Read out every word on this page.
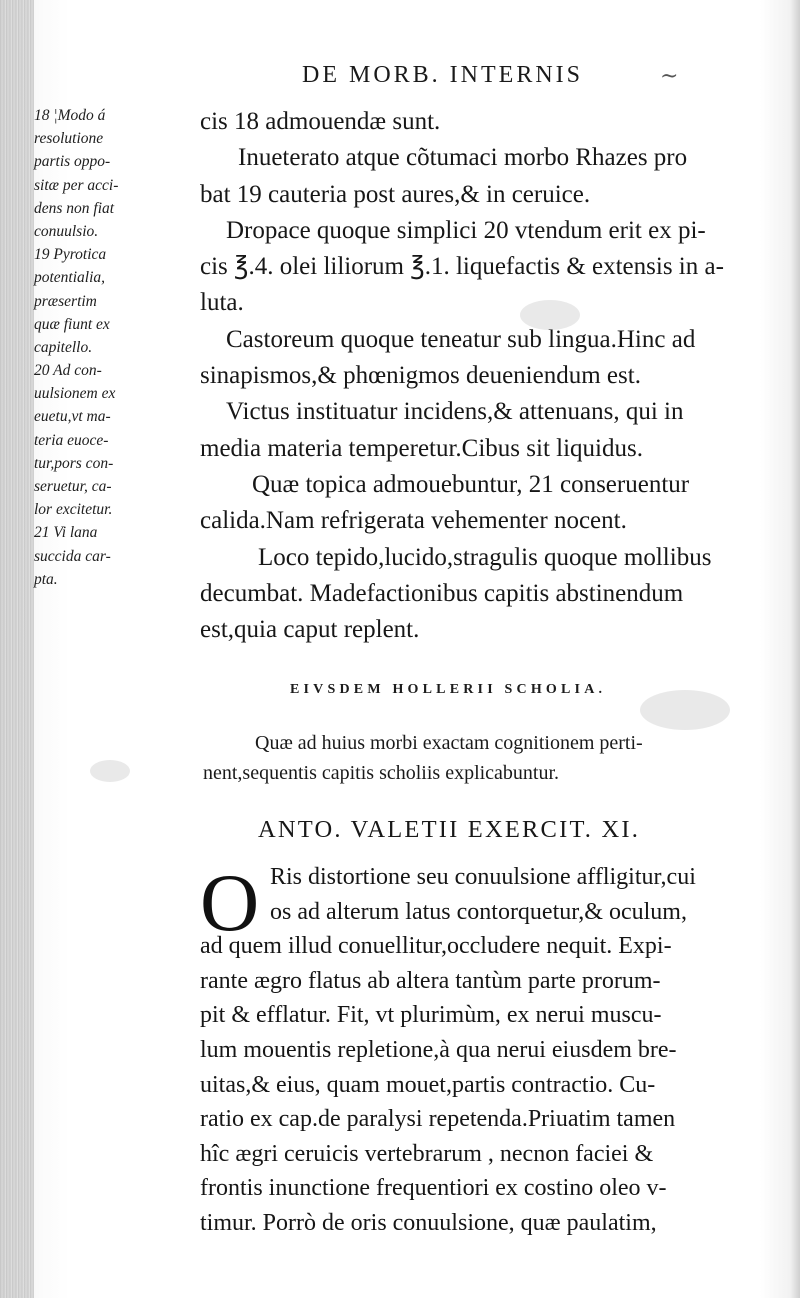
DE MORB. INTERNIS	~
18 ¦Modo á
resolutione
partis oppo-
sitæ per acci-
dens non fiat
conuulsio.
19 Pyrotica
potentialia,
præsertim
quæ fiunt ex
capitello.
20 Ad con-
uulsionem ex
euetu,vt ma-
teria euoce-
tur,pors con-
seruetur, ca-
lor excitetur.
21 Vi lana
succida car-
pta.
cis 18 admouendæ sunt.
Inueterato atque cõtumaci morbo Rhazes pro
bat 19 cauteria post aures,& in ceruice.
Dropace quoque simplici 20 vtendum erit ex pi-
cis ℥.4. olei liliorum ℥.1. liquefactis & extensis in a-
luta.
Castoreum quoque teneatur sub lingua.Hinc ad
sinapismos,& phœnigmos deueniendum est.
Victus instituatur incidens,& attenuans, qui in
media materia temperetur.Cibus sit liquidus.
Quæ topica admouebuntur, 21 conseruentur
calida.Nam refrigerata vehementer nocent.
Loco tepido,lucido,stragulis quoque mollibus
decumbat. Madefactionibus capitis abstinendum
est,quia caput replent.
EIVSDEM HOLLERII SCHOLIA.
Quæ ad huius morbi exactam cognitionem perti-
nent,sequentis capitis scholiis explicabuntur.
ANTO. VALETII EXERCIT. XI.
O Ris distortione seu conuulsione affligitur,cui
os ad alterum latus contorquetur,& oculum,
ad quem illud conuellitur,occludere nequit. Expi-
rante ægro flatus ab altera tantùm parte prorum-
pit & efflatur. Fit, vt plurimùm, ex nerui muscu-
lum mouentis repletione,à qua nerui eiusdem bre-
uitas,& eius, quam mouet,partis contractio. Cu-
ratio ex cap.de paralysi repetenda.Priuatim tamen
hîc ægri ceruicis vertebrarum , necnon faciei &
frontis inunctione frequentiori ex costino oleo v-
timur. Porrò de oris conuulsione, quæ paulatim,
